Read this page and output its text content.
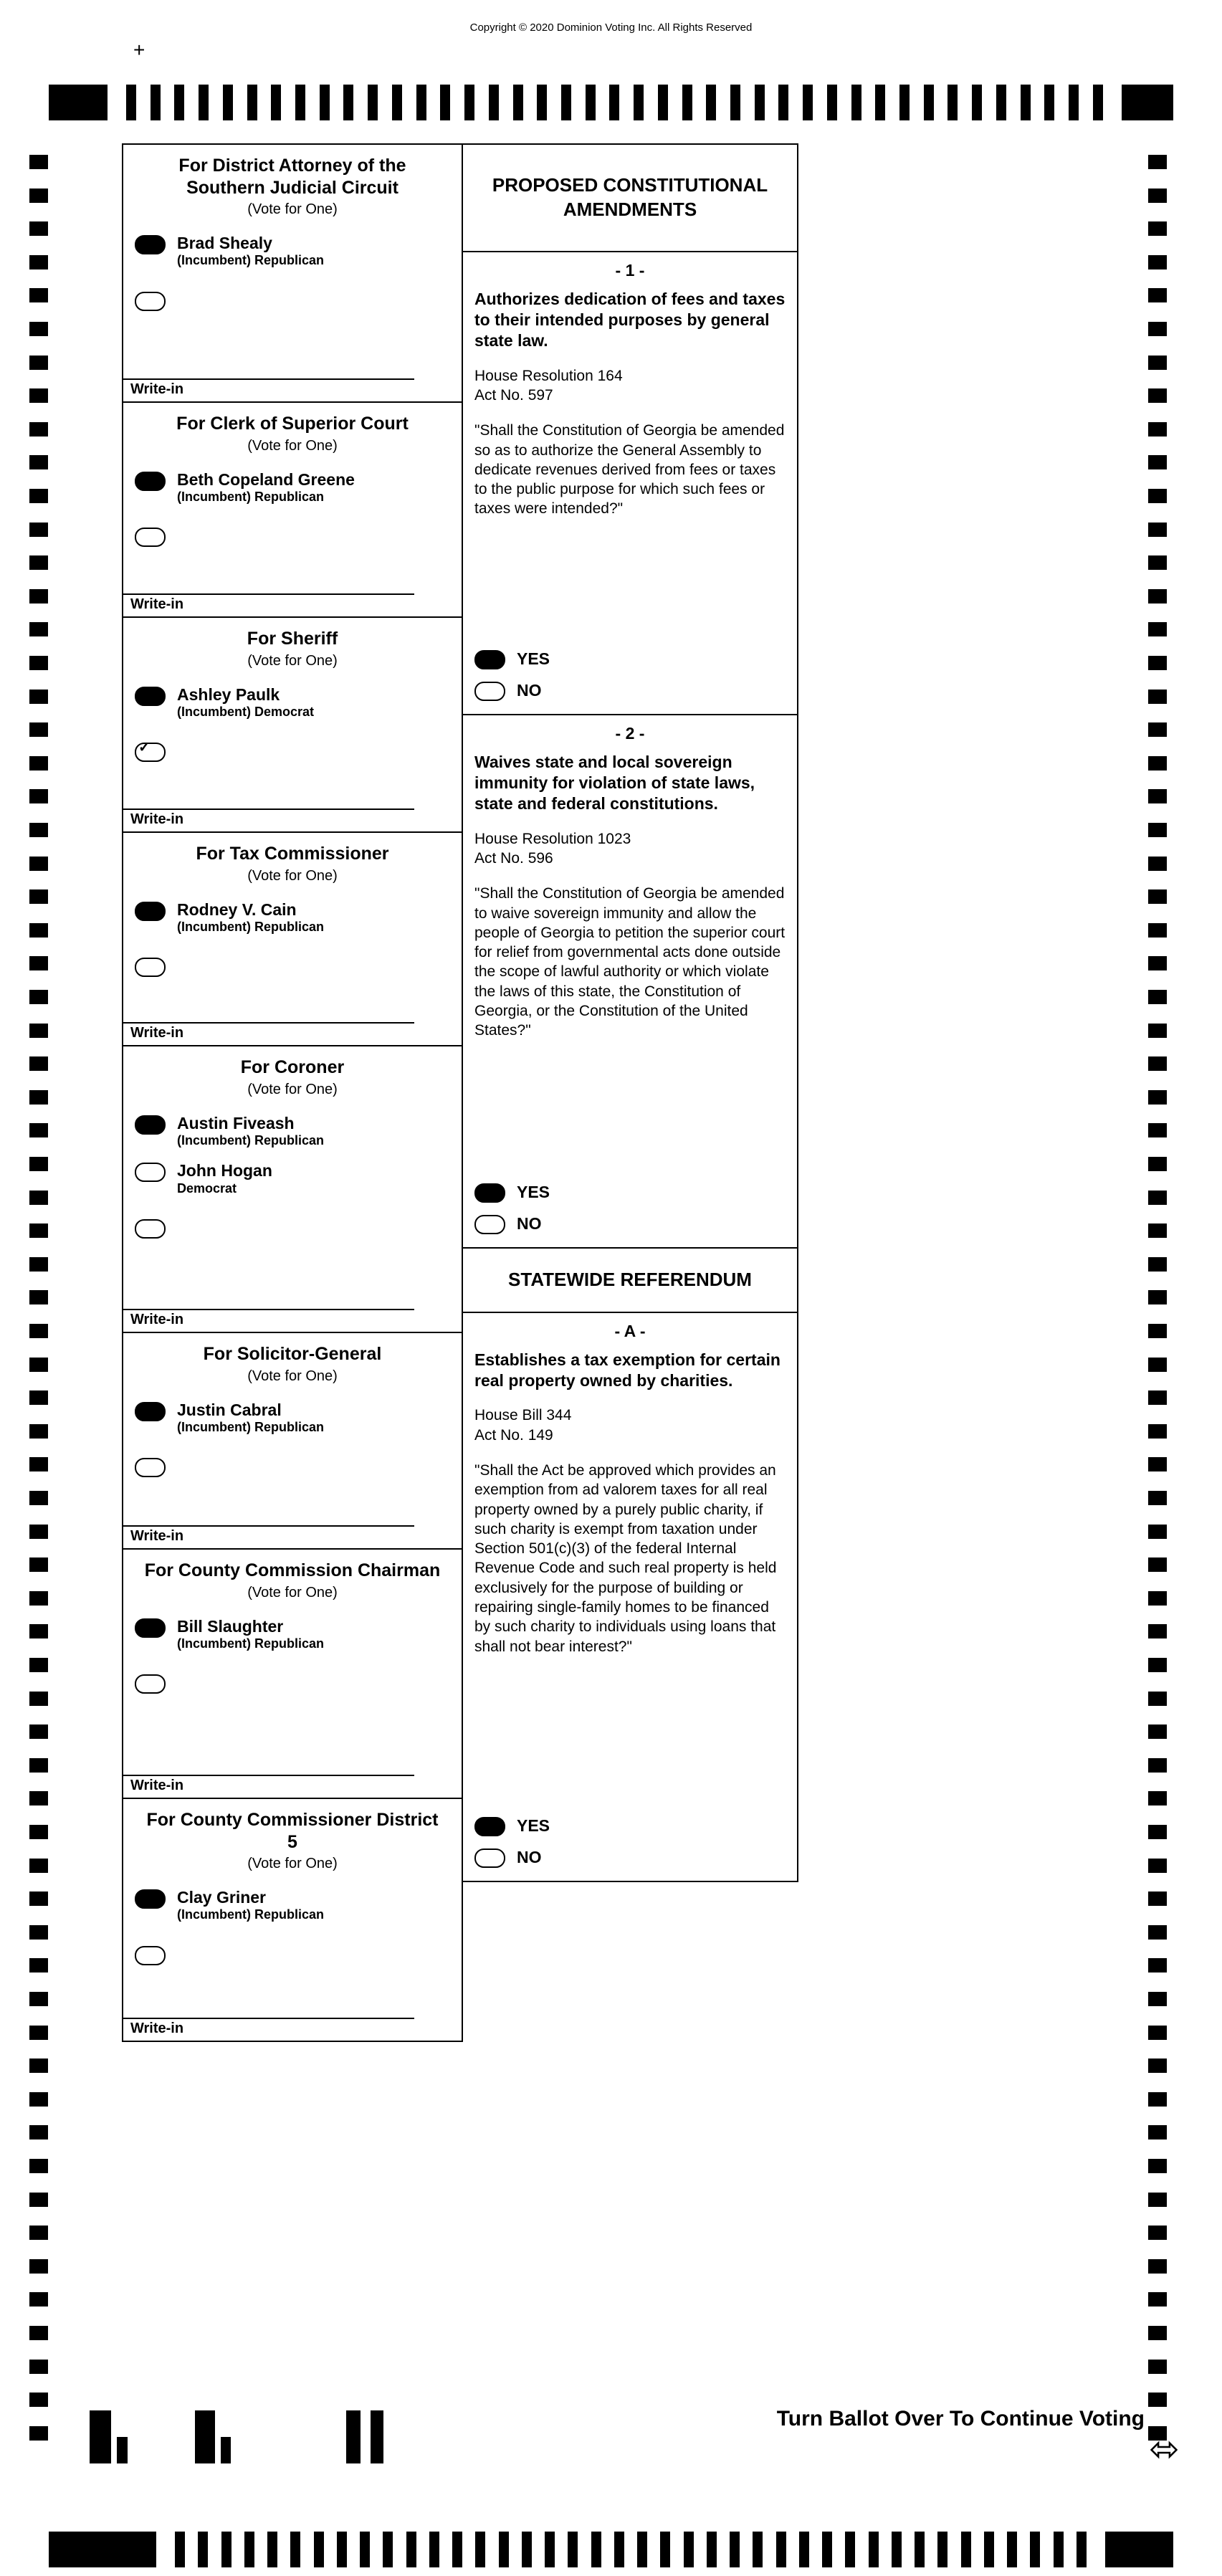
Copyright © 2020 Dominion Voting Inc. All Rights Reserved
+
For District Attorney of the Southern Judicial Circuit
(Vote for One)
Brad Shealy
(Incumbent) Republican
Write-in
For Clerk of Superior Court
(Vote for One)
Beth Copeland Greene
(Incumbent) Republican
Write-in
For Sheriff
(Vote for One)
Ashley Paulk
(Incumbent) Democrat
✓
Write-in
For Tax Commissioner
(Vote for One)
Rodney V. Cain
(Incumbent) Republican
Write-in
For Coroner
(Vote for One)
Austin Fiveash
(Incumbent) Republican
John Hogan
Democrat
Write-in
For Solicitor-General
(Vote for One)
Justin Cabral
(Incumbent) Republican
Write-in
For County Commission Chairman
(Vote for One)
Bill Slaughter
(Incumbent) Republican
Write-in
For County Commissioner District 5
(Vote for One)
Clay Griner
(Incumbent) Republican
Write-in
PROPOSED CONSTITUTIONAL AMENDMENTS
- 1 -
Authorizes dedication of fees and taxes to their intended purposes by general state law.
House Resolution 164
Act No. 597
"Shall the Constitution of Georgia be amended so as to authorize the General Assembly to dedicate revenues derived from fees or taxes to the public purpose for which such fees or taxes were intended?"
YES
NO
- 2 -
Waives state and local sovereign immunity for violation of state laws, state and federal constitutions.
House Resolution 1023
Act No. 596
"Shall the Constitution of Georgia be amended to waive sovereign immunity and allow the people of Georgia to petition the superior court for relief from governmental acts done outside the scope of lawful authority or which violate the laws of this state, the Constitution of Georgia, or the Constitution of the United States?"
YES
NO
STATEWIDE REFERENDUM
- A -
Establishes a tax exemption for certain real property owned by charities.
House Bill 344
Act No. 149
"Shall the Act be approved which provides an exemption from ad valorem taxes for all real property owned by a purely public charity, if such charity is exempt from taxation under Section 501(c)(3) of the federal Internal Revenue Code and such real property is held exclusively for the purpose of building or repairing single-family homes to be financed by such charity to individuals using loans that shall not bear interest?"
YES
NO
Turn Ballot Over To Continue Voting
